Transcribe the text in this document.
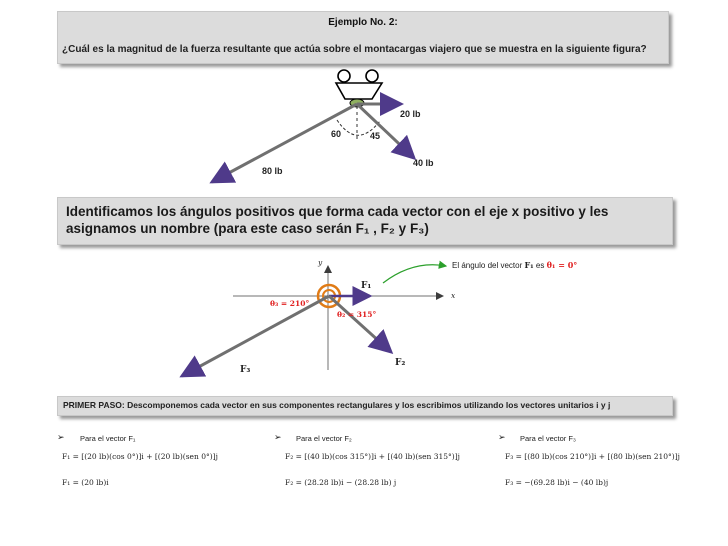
Ejemplo No. 2:
¿Cuál es la magnitud de la fuerza resultante que actúa sobre el montacargas viajero que se muestra en la siguiente figura?
20 lb
40 lb
80 lb
60	45
Identificamos los ángulos positivos que forma cada vector con el eje x positivo y les asignamos un nombre (para este caso serán F₁ , F₂ y F₃)
y
x
F₁
F₂
F₃
θ₃ = 210°
θ₂ = 315°
El ángulo del vector F₁ es θ₁ = 0°
PRIMER PASO: Descomponemos cada vector en sus componentes rectangulares y los escribimos utilizando los vectores unitarios i y j
➢ Para el vector F₁
F₁ = [(20 lb)(cos 0°)]i + [(20 lb)(sen 0°)]j
F₁ = (20 lb)i
➢ Para el vector F₂
F₂ = [(40 lb)(cos 315°)]i + [(40 lb)(sen 315°)]j
F₂ = (28.28 lb)i − (28.28 lb) j
➢ Para el vector F₃
F₃ = [(80 lb)(cos 210°)]i + [(80 lb)(sen 210°)]j
F₃ = −(69.28 lb)i − (40 lb)j
